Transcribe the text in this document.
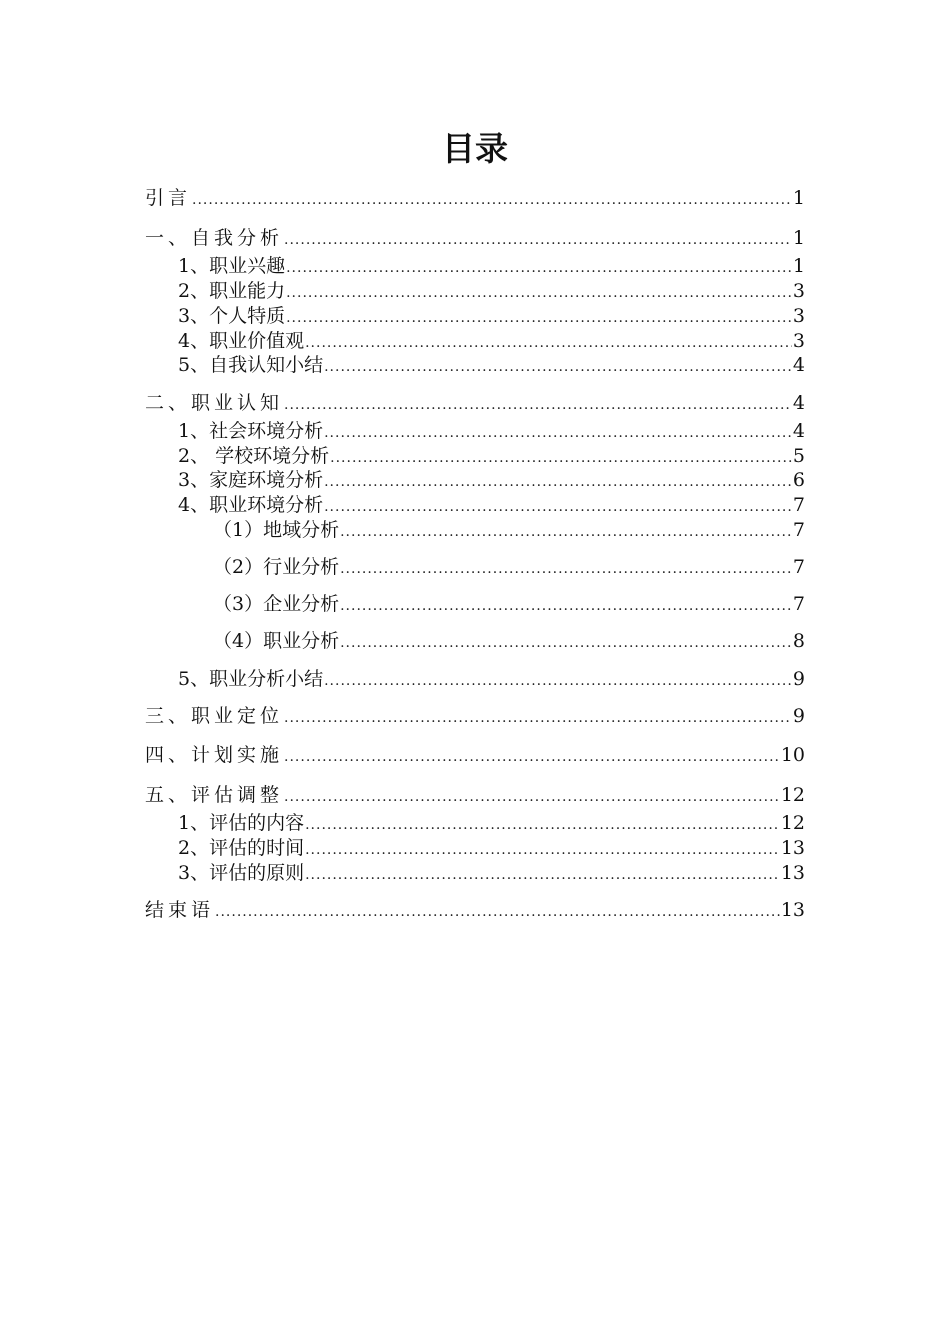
目录
引言 .....	1
一、自我分析 .....	1
1、职业兴趣 .....	1
2、职业能力 .....	3
3、个人特质 .....	3
4、职业价值观 .....	3
5、自我认知小结 .....	4
二、职业认知 .....	4
1、社会环境分析 .....	4
2、 学校环境分析 .....	5
3、家庭环境分析 .....	6
4、职业环境分析 .....	7
（1）地域分析 .....	7
（2）行业分析 .....	7
（3）企业分析 .....	7
（4）职业分析 .....	8
5、职业分析小结 .....	9
三、职业定位 .....	9
四、计划实施 .....	10
五、评估调整 .....	12
1、评估的内容 .....	12
2、评估的时间 .....	13
3、评估的原则 .....	13
结束语 .....	13
